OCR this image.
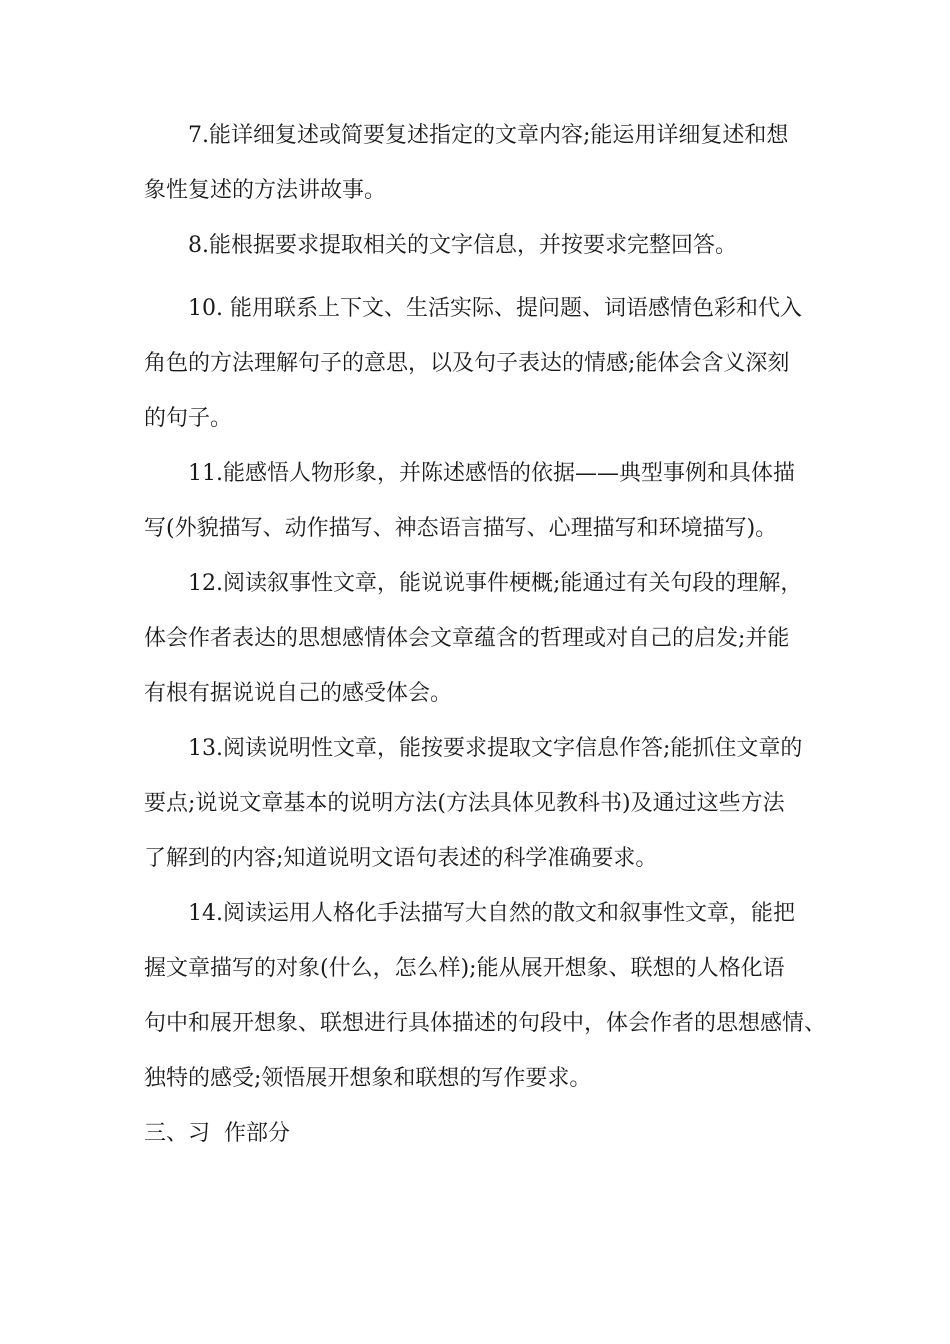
7.能详细复述或简要复述指定的文章内容;能运用详细复述和想
象性复述的方法讲故事。

8.能根据要求提取相关的文字信息，并按要求完整回答。

10. 能用联系上下文、生活实际、提问题、词语感情色彩和代入
角色的方法理解句子的意思，以及句子表达的情感;能体会含义深刻
的句子。

11.能感悟人物形象，并陈述感悟的依据——典型事例和具体描
写(外貌描写、动作描写、神态语言描写、心理描写和环境描写)。

12.阅读叙事性文章，能说说事件梗概;能通过有关句段的理解，
体会作者表达的思想感情体会文章蕴含的哲理或对自己的启发;并能
有根有据说说自己的感受体会。

13.阅读说明性文章，能按要求提取文字信息作答;能抓住文章的
要点;说说文章基本的说明方法(方法具体见教科书)及通过这些方法
了解到的内容;知道说明文语句表述的科学准确要求。

14.阅读运用人格化手法描写大自然的散文和叙事性文章，能把
握文章描写的对象(什么，怎么样);能从展开想象、联想的人格化语
句中和展开想象、联想进行具体描述的句段中，体会作者的思想感情、
独特的感受;领悟展开想象和联想的写作要求。

三、习  作部分
